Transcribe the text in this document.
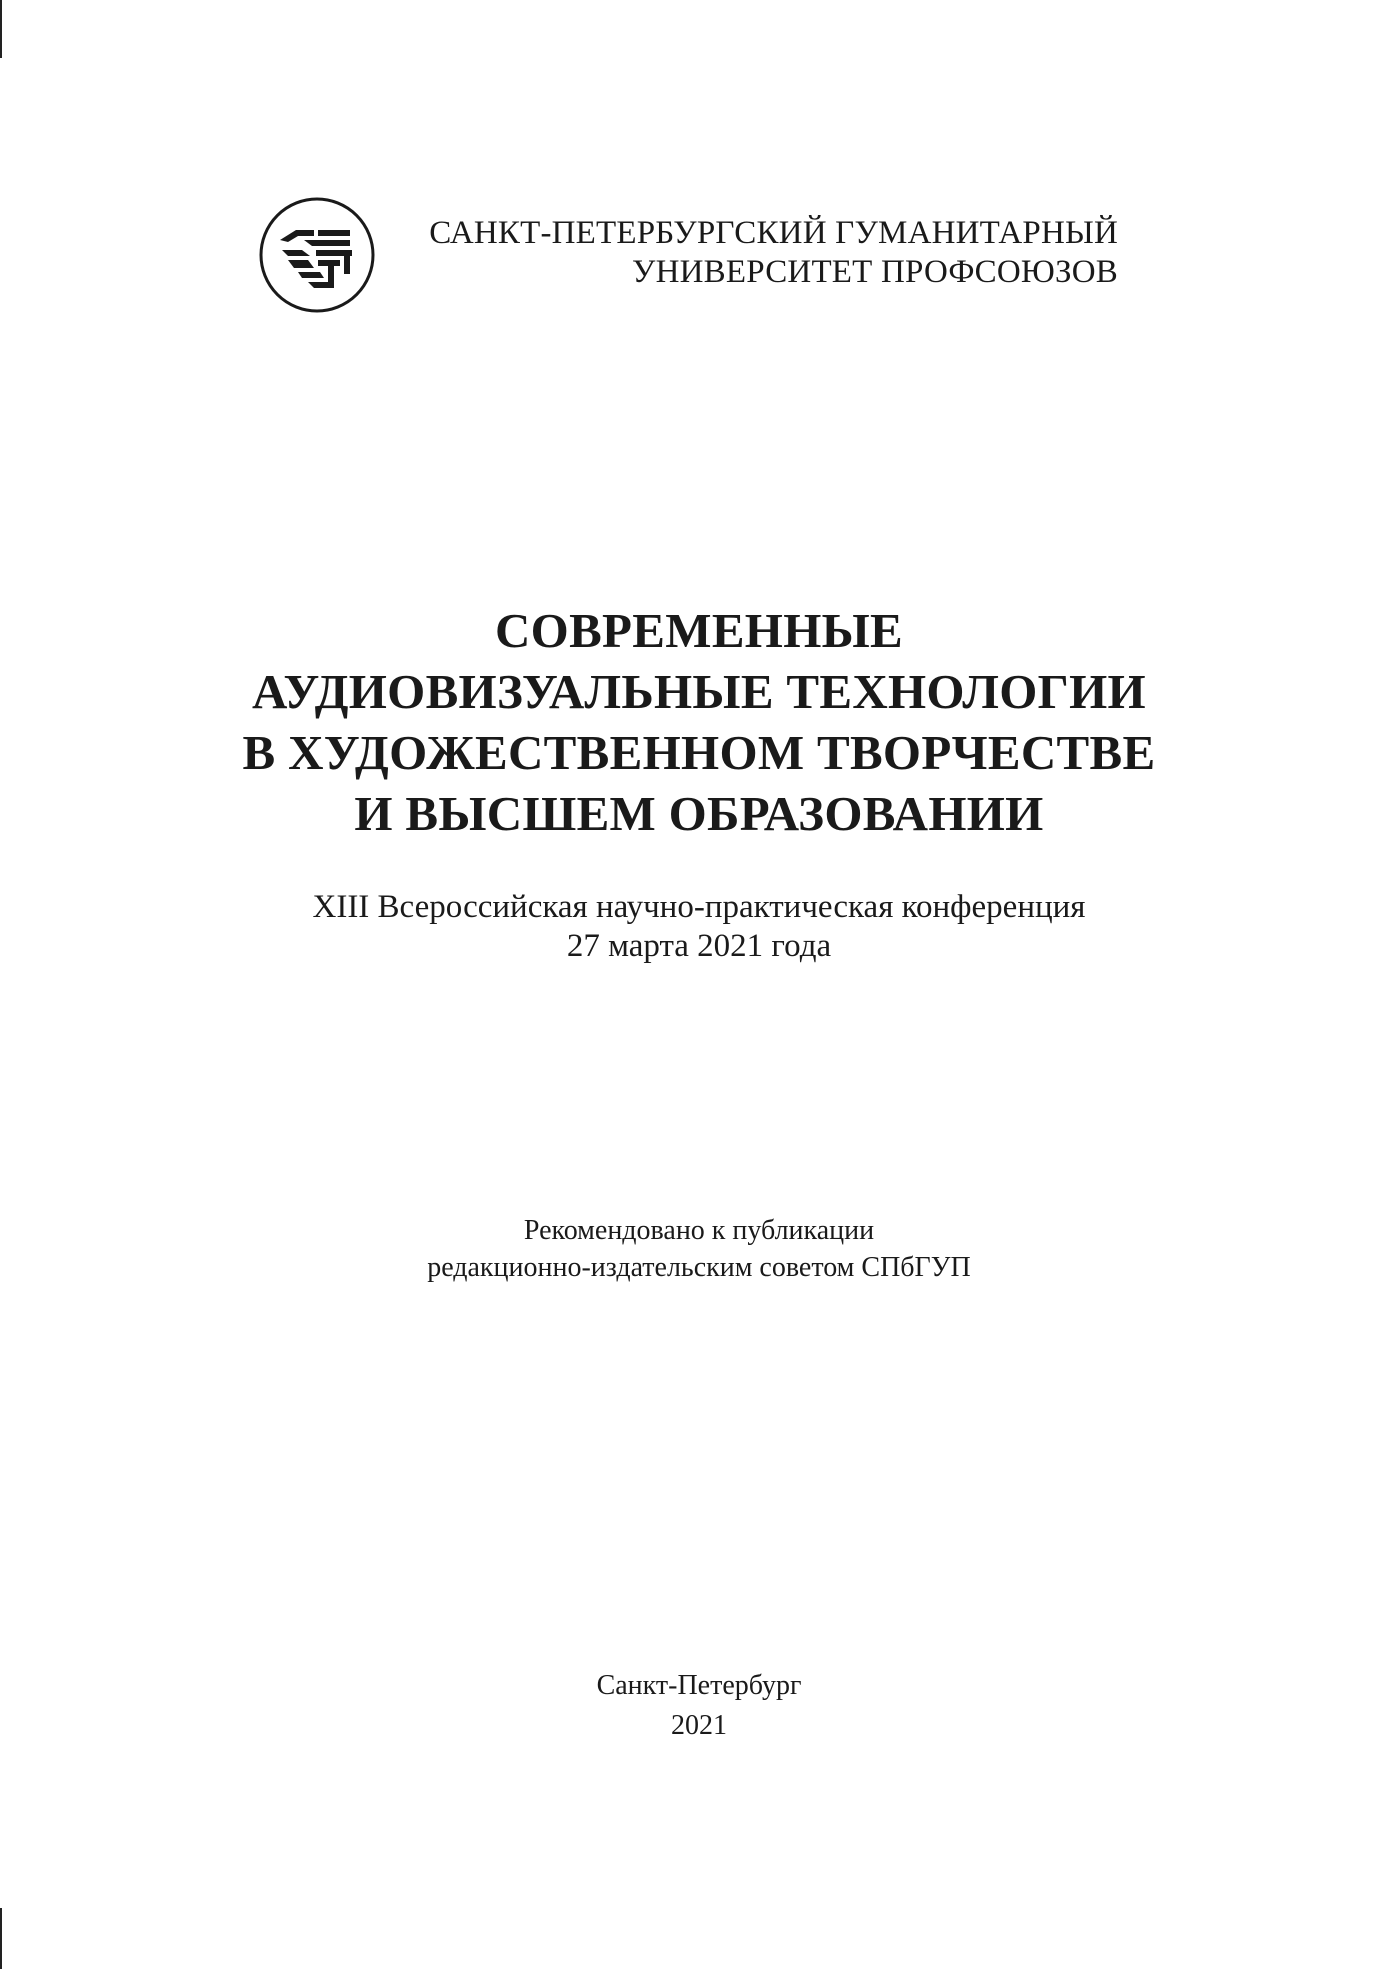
САНКТ-ПЕТЕРБУРГСКИЙ ГУМАНИТАРНЫЙ
УНИВЕРСИТЕТ ПРОФСОЮЗОВ
СОВРЕМЕННЫЕ
АУДИОВИЗУАЛЬНЫЕ ТЕХНОЛОГИИ
В ХУДОЖЕСТВЕННОМ ТВОРЧЕСТВЕ
И ВЫСШЕМ ОБРАЗОВАНИИ
XIII Всероссийская научно-практическая конференция
27 марта 2021 года
Рекомендовано к публикации
редакционно-издательским советом СПбГУП
Санкт-Петербург
2021
